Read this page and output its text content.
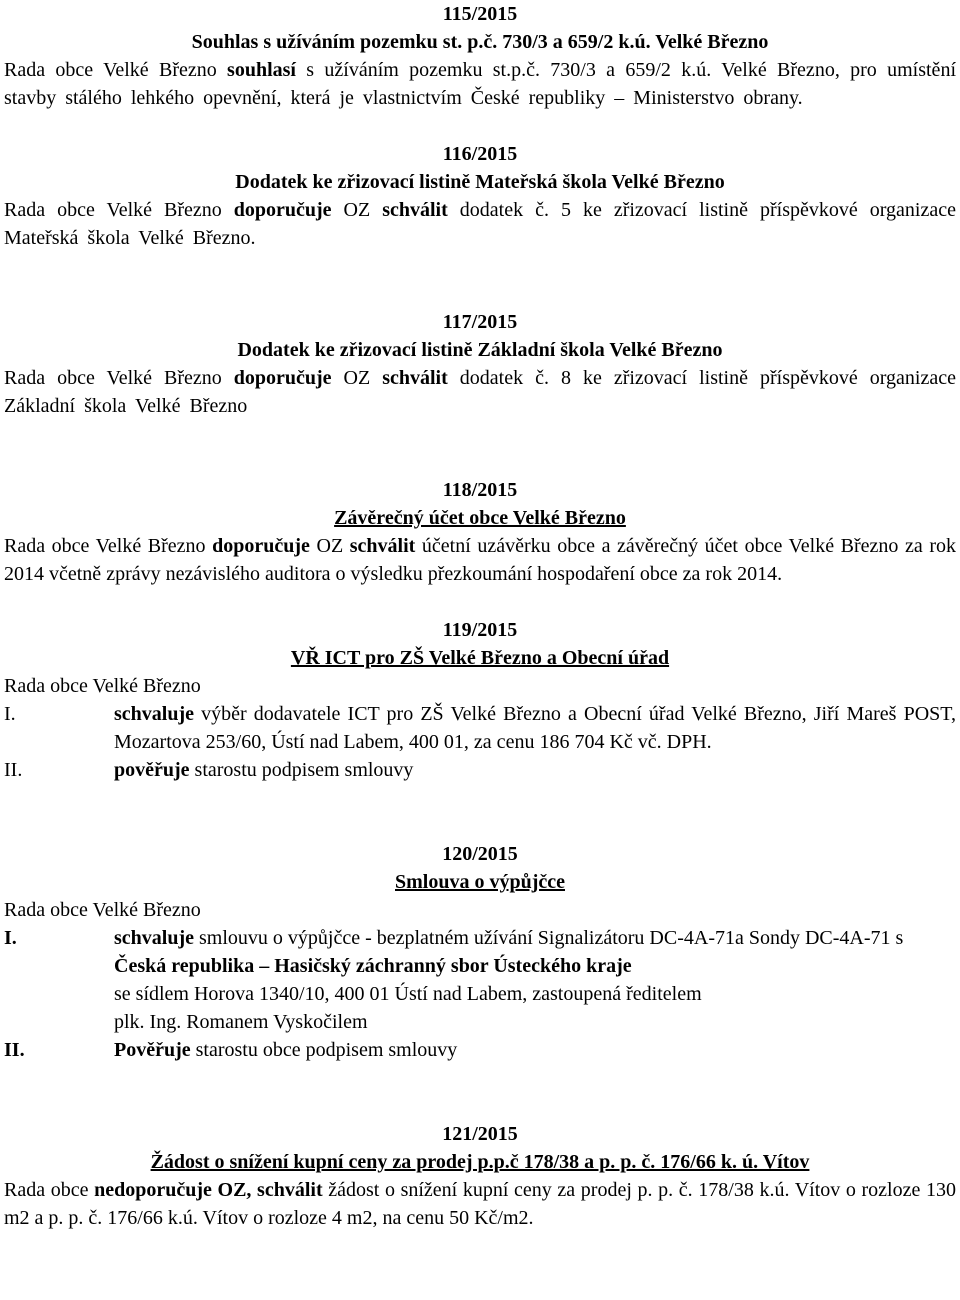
115/2015

Souhlas s užíváním pozemku st. p.č. 730/3 a 659/2 k.ú. Velké Březno

Rada obce Velké Březno souhlasí s užíváním pozemku st.p.č. 730/3 a 659/2 k.ú. Velké Březno, pro umístění stavby stálého lehkého opevnění, která je vlastnictvím České republiky – Ministerstvo obrany.

116/2015

Dodatek ke zřizovací listině Mateřská škola Velké Březno

Rada obce Velké Březno doporučuje OZ schválit dodatek č. 5 ke zřizovací listině příspěvkové organizace Mateřská škola Velké Březno.

117/2015

Dodatek ke zřizovací listině Základní škola Velké Březno

Rada obce Velké Březno doporučuje OZ schválit dodatek č. 8 ke zřizovací listině příspěvkové organizace Základní škola Velké Březno

118/2015

Závěrečný účet obce Velké Březno

Rada obce Velké Březno doporučuje OZ schválit účetní uzávěrku obce a závěrečný účet obce Velké Březno za rok 2014 včetně zprávy nezávislého auditora o výsledku přezkoumání hospodaření obce za rok 2014.

119/2015

VŘ ICT pro ZŠ Velké Březno a Obecní úřad

Rada obce Velké Březno

I.	schvaluje výběr dodavatele ICT pro ZŠ Velké Březno a Obecní úřad Velké Březno, Jiří Mareš POST, Mozartova 253/60, Ústí nad Labem, 400 01, za cenu 186 704 Kč vč. DPH.
II.	pověřuje starostu podpisem smlouvy

120/2015

Smlouva o výpůjčce

Rada obce Velké Březno

I.	schvaluje smlouvu o výpůjčce - bezplatném užívání Signalizátoru DC-4A-71a Sondy DC-4A-71 s Česká republika – Hasičský záchranný sbor Ústeckého kraje
se sídlem Horova 1340/10, 400 01 Ústí nad Labem, zastoupená ředitelem
plk. Ing. Romanem Vyskočilem
II.	Pověřuje starostu obce podpisem smlouvy

121/2015

Žádost o snížení kupní ceny za prodej p.p.č 178/38 a p. p. č. 176/66 k. ú. Vítov

Rada obce nedoporučuje OZ, schválit žádost o snížení kupní ceny za prodej p. p. č. 178/38 k.ú. Vítov o rozloze 130 m2 a p. p. č. 176/66 k.ú. Vítov o rozloze 4 m2, na cenu 50 Kč/m2.
